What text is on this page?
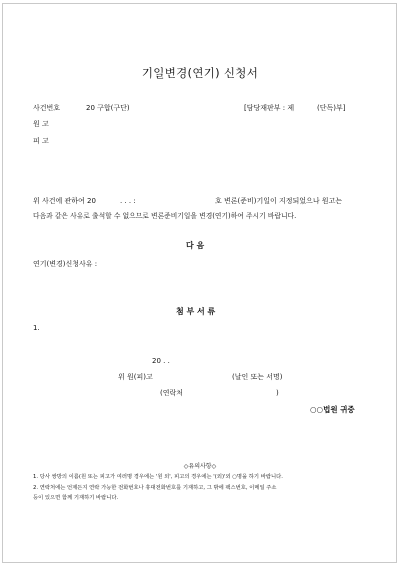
기일변경(연기) 신청서
사건번호	20 구합(구단)	[담당재판부 : 제	(단독)부]
원 고
피 고
위 사건에 관하여 20	. . . :	호 변론(준비)기일이 지정되었으나 원고는
다음과 같은 사유로 출석할 수 없으므로 변론준비기일을 변경(연기)하여 주시기 바랍니다.
다 음
연기(변경)신청사유 :
첨 부 서 류
1.
20 . .
위 원(피)고	(날인 또는 서명)
(연락처	)
○○법원 귀중
◇유의사항◇
1. 당사 쌍방의 이름(원 또는 피고가 여러명 경우에는 '원 외', 피고의 경우에는 '(외)'외 ○명을 하기 바랍니다.
2. 연락처에는 언제든지 연락 가능한 전화번호나 휴대전화번호를 기재하고, 그 밖에 팩스번호, 이메일 주소
등이 있으면 함께 기재하기 바랍니다.
